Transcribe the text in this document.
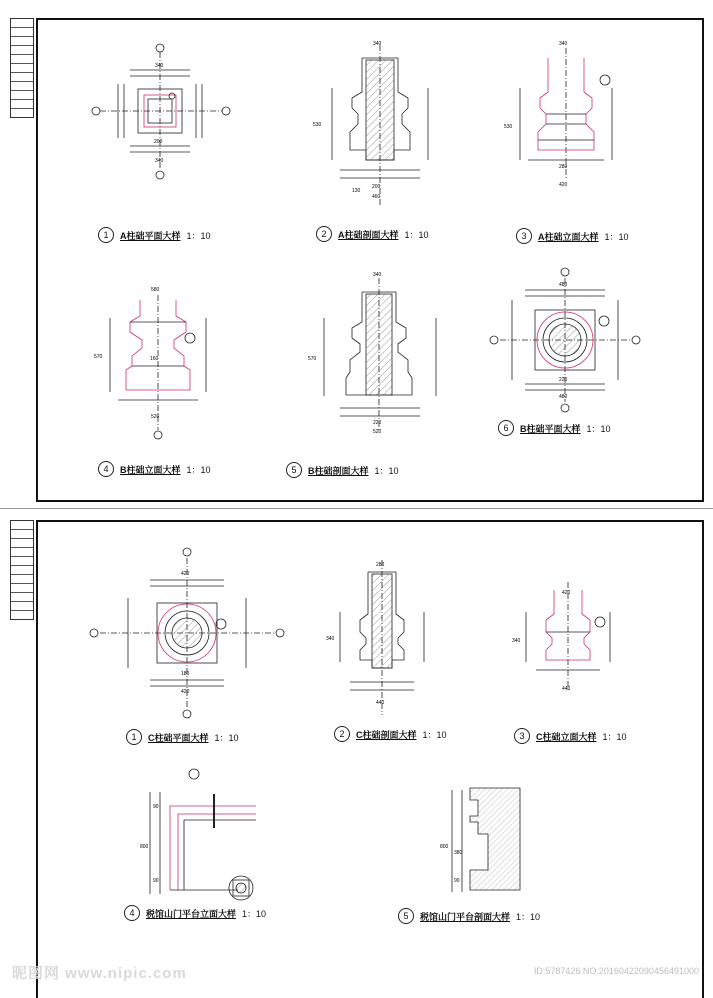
340
340
200
340
530
460
130
200
340
530
420
280
580
570
520
160
340
570
520
220
480
480
220
1	A柱础平面大样 1：10	2	A柱础剖面大样 1：10	3	A柱础立面大样 1：10
4	B柱础立面大样 1：10	5	B柱础剖面大样 1：10
6	B柱础平面大样 1：10
420
420
180
280
340
440
420
340
440
800
90
90
800
380
90
1	C柱础平面大样 1：10	2	C柱础剖面大样 1：10	3	C柱础立面大样 1：10
4	税馆山门平台立面大样 1：10	5	税馆山门平台剖面大样 1：10
昵图网 www.nipic.com	ID:5787426 NO:20160422090456491000
